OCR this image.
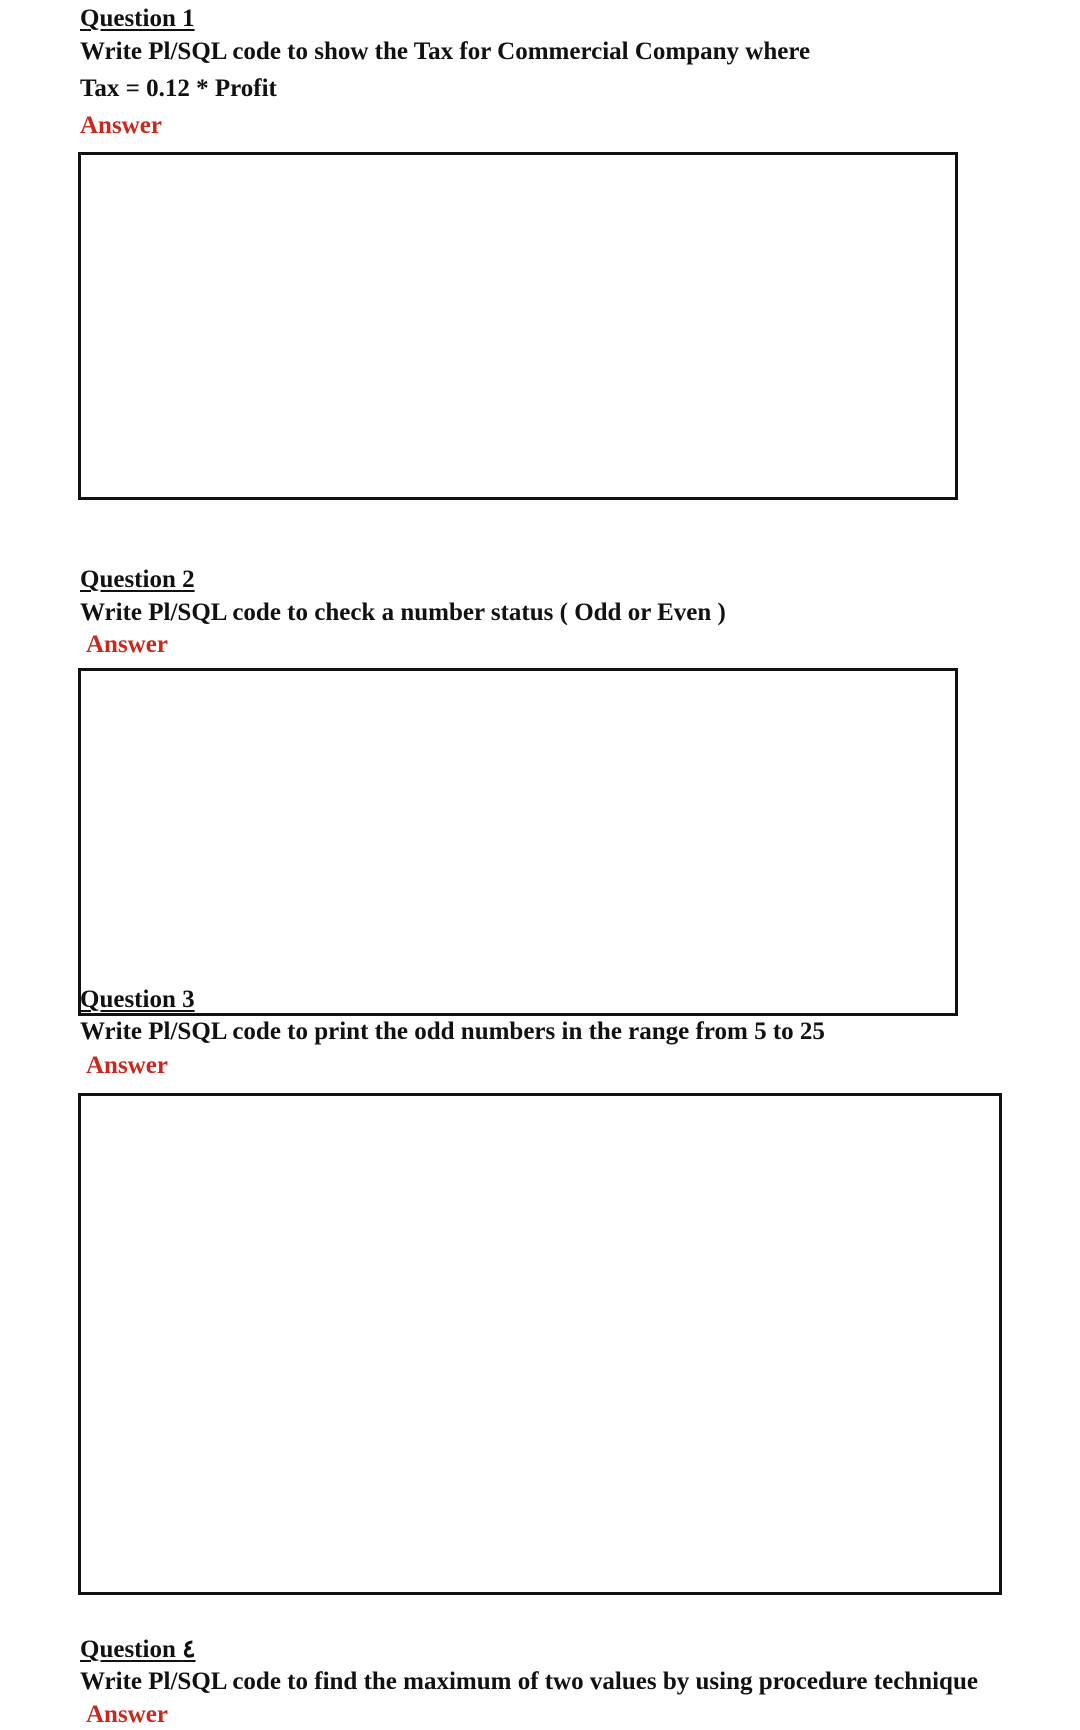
Question 1
Write Pl/SQL code to show the Tax for Commercial Company where
Tax = 0.12 * Profit
Answer
Question 2
Write Pl/SQL code to check a number status ( Odd or Even )
Answer
Question 3
Write Pl/SQL code to print the odd numbers in the range from 5 to 25
Answer
Question ٤
Write Pl/SQL code to find the maximum of two values by using procedure technique
Answer
